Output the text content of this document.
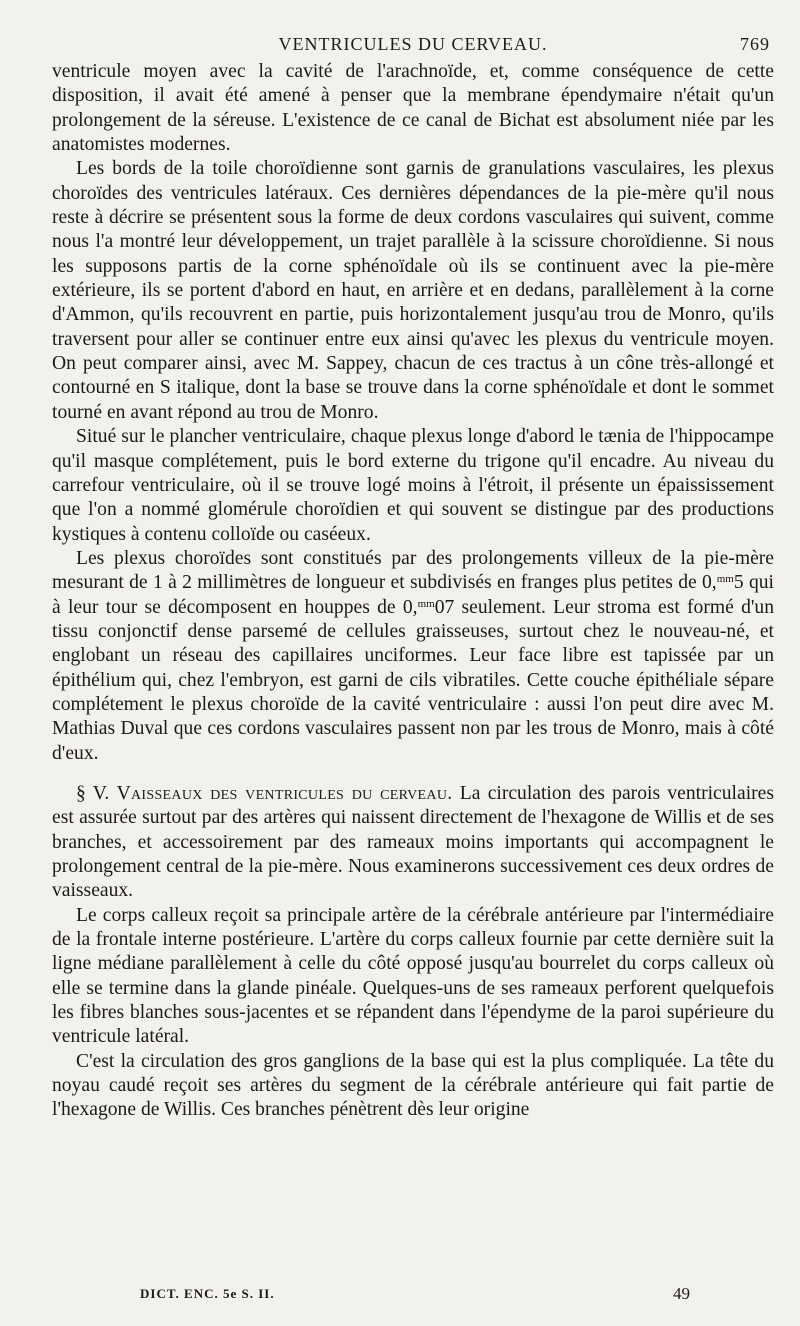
VENTRICULES DU CERVEAU.	769

ventricule moyen avec la cavité de l'arachnoïde, et, comme conséquence de cette disposition, il avait été amené à penser que la membrane épendymaire n'était qu'un prolongement de la séreuse. L'existence de ce canal de Bichat est absolument niée par les anatomistes modernes.

Les bords de la toile choroïdienne sont garnis de granulations vasculaires, les plexus choroïdes des ventricules latéraux. Ces dernières dépendances de la pie-mère qu'il nous reste à décrire se présentent sous la forme de deux cordons vasculaires qui suivent, comme nous l'a montré leur développement, un trajet parallèle à la scissure choroïdienne. Si nous les supposons partis de la corne sphénoïdale où ils se continuent avec la pie-mère extérieure, ils se portent d'abord en haut, en arrière et en dedans, parallèlement à la corne d'Ammon, qu'ils recouvrent en partie, puis horizontalement jusqu'au trou de Monro, qu'ils traversent pour aller se continuer entre eux ainsi qu'avec les plexus du ventricule moyen. On peut comparer ainsi, avec M. Sappey, chacun de ces tractus à un cône très-allongé et contourné en S italique, dont la base se trouve dans la corne sphénoïdale et dont le sommet tourné en avant répond au trou de Monro.

Situé sur le plancher ventriculaire, chaque plexus longe d'abord le tænia de l'hippocampe qu'il masque complétement, puis le bord externe du trigone qu'il encadre. Au niveau du carrefour ventriculaire, où il se trouve logé moins à l'étroit, il présente un épaississement que l'on a nommé glomérule choroïdien et qui souvent se distingue par des productions kystiques à contenu colloïde ou caséeux.

Les plexus choroïdes sont constitués par des prolongements villeux de la pie-mère mesurant de 1 à 2 millimètres de longueur et subdivisés en franges plus petites de 0,$^{mm}$5 qui à leur tour se décomposent en houppes de 0,$^{mm}$07 seulement. Leur stroma est formé d'un tissu conjonctif dense parsemé de cellules graisseuses, surtout chez le nouveau-né, et englobant un réseau des capillaires unciformes. Leur face libre est tapissée par un épithélium qui, chez l'embryon, est garni de cils vibratiles. Cette couche épithéliale sépare complétement le plexus choroïde de la cavité ventriculaire : aussi l'on peut dire avec M. Mathias Duval que ces cordons vasculaires passent non par les trous de Monro, mais à côté d'eux.

§ V. Vaisseaux des ventricules du cerveau. La circulation des parois ventriculaires est assurée surtout par des artères qui naissent directement de l'hexagone de Willis et de ses branches, et accessoirement par des rameaux moins importants qui accompagnent le prolongement central de la pie-mère. Nous examinerons successivement ces deux ordres de vaisseaux.

Le corps calleux reçoit sa principale artère de la cérébrale antérieure par l'intermédiaire de la frontale interne postérieure. L'artère du corps calleux fournie par cette dernière suit la ligne médiane parallèlement à celle du côté opposé jusqu'au bourrelet du corps calleux où elle se termine dans la glande pinéale. Quelques-uns de ses rameaux perforent quelquefois les fibres blanches sous-jacentes et se répandent dans l'épendyme de la paroi supérieure du ventricule latéral.

C'est la circulation des gros ganglions de la base qui est la plus compliquée. La tête du noyau caudé reçoit ses artères du segment de la cérébrale antérieure qui fait partie de l'hexagone de Willis. Ces branches pénètrent dès leur origine

DICT. ENC. 5e S. II.	49
